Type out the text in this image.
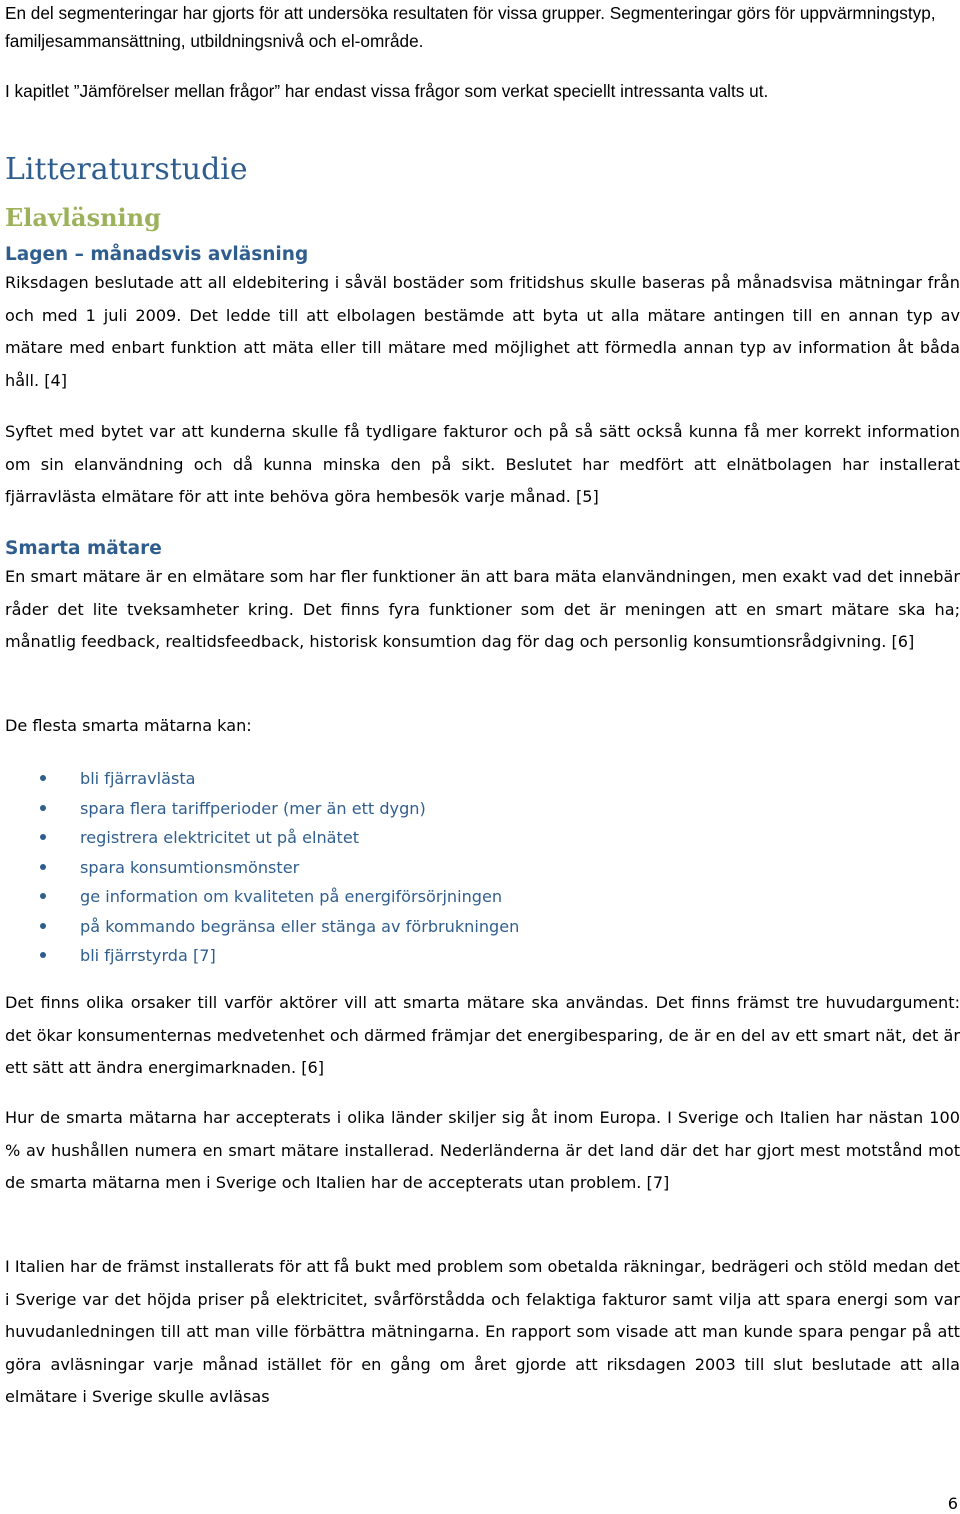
En del segmenteringar har gjorts för att undersöka resultaten för vissa grupper. Segmenteringar görs för uppvärmningstyp, familjesammansättning, utbildningsnivå och el-område.

I kapitlet ”Jämförelser mellan frågor” har endast vissa frågor som verkat speciellt intressanta valts ut.

Litteraturstudie
Elavläsning
Lagen – månadsvis avläsning

Riksdagen beslutade att all eldebitering i såväl bostäder som fritidshus skulle baseras på månadsvisa mätningar från och med 1 juli 2009. Det ledde till att elbolagen bestämde att byta ut alla mätare antingen till en annan typ av mätare med enbart funktion att mäta eller till mätare med möjlighet att förmedla annan typ av information åt båda håll. [4]

Syftet med bytet var att kunderna skulle få tydligare fakturor och på så sätt också kunna få mer korrekt information om sin elanvändning och då kunna minska den på sikt. Beslutet har medfört att elnätbolagen har installerat fjärravlästa elmätare för att inte behöva göra hembesök varje månad. [5]

Smarta mätare

En smart mätare är en elmätare som har fler funktioner än att bara mäta elanvändningen, men exakt vad det innebär råder det lite tveksamheter kring. Det finns fyra funktioner som det är meningen att en smart mätare ska ha; månatlig feedback, realtidsfeedback, historisk konsumtion dag för dag och personlig konsumtionsrådgivning. [6]

De flesta smarta mätarna kan:

bli fjärravlästa
spara flera tariffperioder (mer än ett dygn)
registrera elektricitet ut på elnätet
spara konsumtionsmönster
ge information om kvaliteten på energiförsörjningen
på kommando begränsa eller stänga av förbrukningen
bli fjärrstyrda [7]

Det finns olika orsaker till varför aktörer vill att smarta mätare ska användas. Det finns främst tre huvudargument: det ökar konsumenternas medvetenhet och därmed främjar det energibesparing, de är en del av ett smart nät, det är ett sätt att ändra energimarknaden. [6]

Hur de smarta mätarna har accepterats i olika länder skiljer sig åt inom Europa. I Sverige och Italien har nästan 100 % av hushållen numera en smart mätare installerad. Nederländerna är det land där det har gjort mest motstånd mot de smarta mätarna men i Sverige och Italien har de accepterats utan problem. [7]

I Italien har de främst installerats för att få bukt med problem som obetalda räkningar, bedrägeri och stöld medan det i Sverige var det höjda priser på elektricitet, svårförstådda och felaktiga fakturor samt vilja att spara energi som var huvudanledningen till att man ville förbättra mätningarna. En rapport som visade att man kunde spara pengar på att göra avläsningar varje månad istället för en gång om året gjorde att riksdagen 2003 till slut beslutade att alla elmätare i Sverige skulle avläsas

6
